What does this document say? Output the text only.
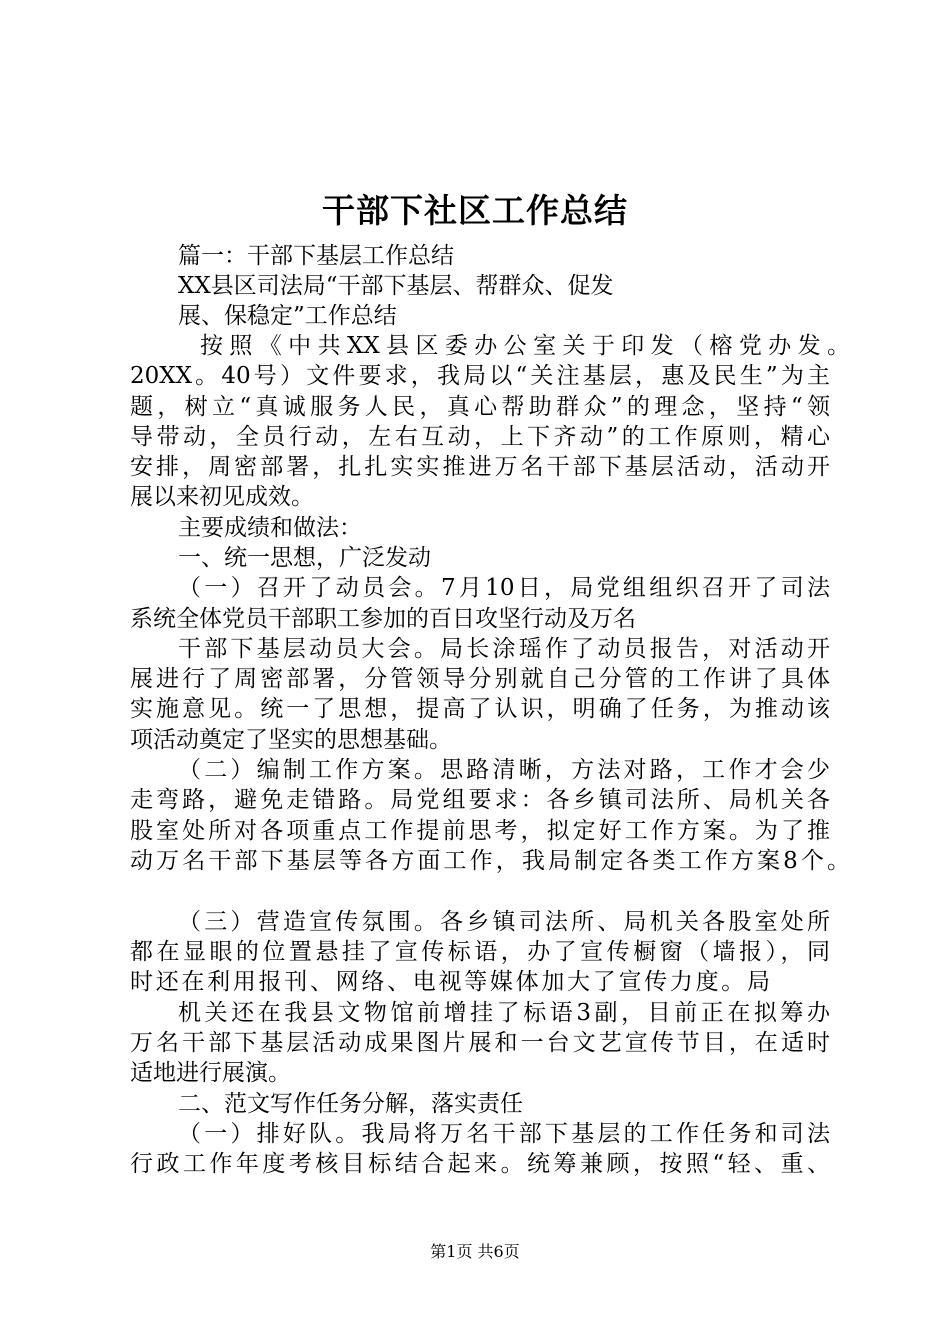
干部下社区工作总结
篇一：干部下基层工作总结
XX县区司法局“干部下基层、帮群众、促发
展、保稳定”工作总结
按照《中共XX县区委办公室关于印发（榕党办发。
20XX。40号）文件要求，我局以“关注基层，惠及民生”为主
题，树立“真诚服务人民，真心帮助群众”的理念，坚持“领
导带动，全员行动，左右互动，上下齐动”的工作原则，精心
安排，周密部署，扎扎实实推进万名干部下基层活动，活动开
展以来初见成效。
主要成绩和做法：
一、统一思想，广泛发动
（一）召开了动员会。7月10日，局党组组织召开了司法
系统全体党员干部职工参加的百日攻坚行动及万名
干部下基层动员大会。局长涂瑶作了动员报告，对活动开
展进行了周密部署，分管领导分别就自己分管的工作讲了具体
实施意见。统一了思想，提高了认识，明确了任务，为推动该
项活动奠定了坚实的思想基础。
（二）编制工作方案。思路清晰，方法对路，工作才会少
走弯路，避免走错路。局党组要求：各乡镇司法所、局机关各
股室处所对各项重点工作提前思考，拟定好工作方案。为了推
动万名干部下基层等各方面工作，我局制定各类工作方案8个。
（三）营造宣传氛围。各乡镇司法所、局机关各股室处所
都在显眼的位置悬挂了宣传标语，办了宣传橱窗（墙报），同
时还在利用报刊、网络、电视等媒体加大了宣传力度。局
机关还在我县文物馆前增挂了标语3副，目前正在拟筹办
万名干部下基层活动成果图片展和一台文艺宣传节目，在适时
适地进行展演。
二、范文写作任务分解，落实责任
（一）排好队。我局将万名干部下基层的工作任务和司法
行政工作年度考核目标结合起来。统筹兼顾，按照“轻、重、
第1页 共6页
